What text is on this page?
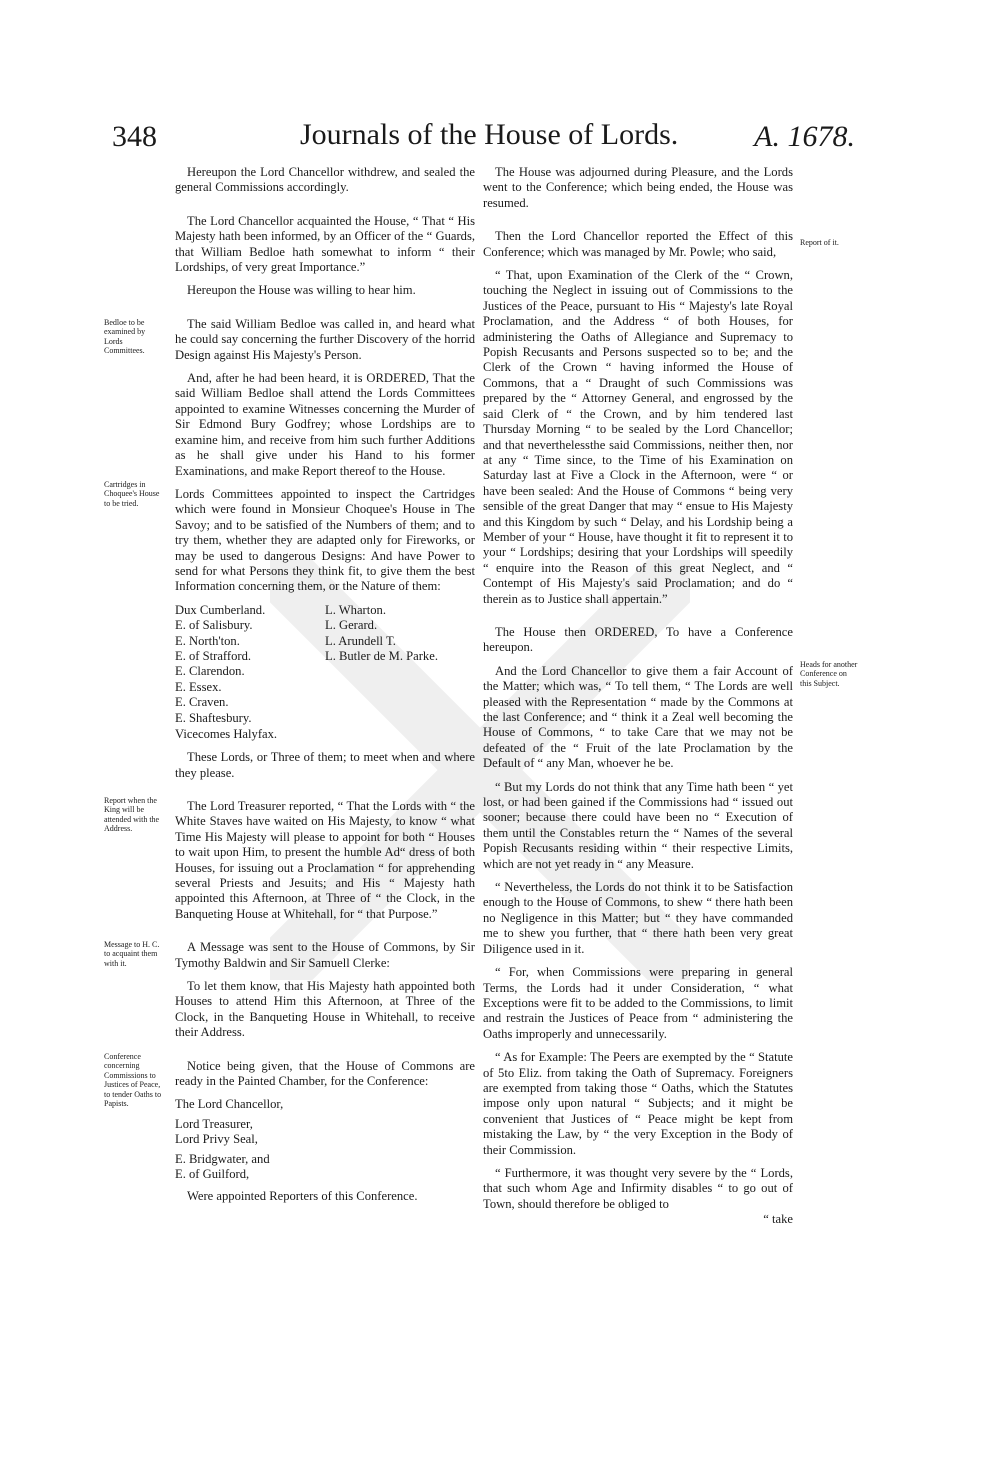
348	Journals of the House of Lords.	A. 1678.
Bedloe to be examined by Lords Committees.
Cartridges in Choquee's House to be tried.
Report when the King will be attended with the Address.
Message to H. C. to acquaint them with it.
Conference concerning Commissions to Justices of Peace, to tender Oaths to Papists.
Report of it.
Heads for another Conference on this Subject.

Hereupon the Lord Chancellor withdrew, and sealed the general Commissions accordingly.

The Lord Chancellor acquainted the House, “ That “ His Majesty hath been informed, by an Officer of the “ Guards, that William Bedloe hath somewhat to inform “ their Lordships, of very great Importance.”

Hereupon the House was willing to hear him.

The said William Bedloe was called in, and heard what he could say concerning the further Discovery of the horrid Design against His Majesty's Person.

And, after he had been heard, it is ORDERED, That the said William Bedloe shall attend the Lords Committees appointed to examine Witnesses concerning the Murder of Sir Edmond Bury Godfrey; whose Lordships are to examine him, and receive from him such further Additions as he shall give under his Hand to his former Examinations, and make Report thereof to the House.

Lords Committees appointed to inspect the Cartridges which were found in Monsieur Choquee's House in The Savoy; and to be satisfied of the Numbers of them; and to try them, whether they are adapted only for Fireworks, or may be used to dangerous Designs: And have Power to send for what Persons they think fit, to give them the best Information concerning them, or the Nature of them:

Dux Cumberland.
E. of Salisbury.
E. North'ton.
E. of Strafford.
E. Clarendon.
E. Essex.
E. Craven.
E. Shaftesbury.
L. Wharton.
L. Gerard.
L. Arundell T.
L. Butler de M. Parke.

Vicecomes Halyfax.

These Lords, or Three of them; to meet when and where they please.

The Lord Treasurer reported, “ That the Lords with “ the White Staves have waited on His Majesty, to know “ what Time His Majesty will please to appoint for both “ Houses to wait upon Him, to present the humble Ad“ dress of both Houses, for issuing out a Proclamation “ for apprehending several Priests and Jesuits; and His “ Majesty hath appointed this Afternoon, at Three of “ the Clock, in the Banqueting House at Whitehall, for “ that Purpose.”

A Message was sent to the House of Commons, by Sir Tymothy Baldwin and Sir Samuell Clerke:

To let them know, that His Majesty hath appointed both Houses to attend Him this Afternoon, at Three of the Clock, in the Banqueting House in Whitehall, to receive their Address.

Notice being given, that the House of Commons are ready in the Painted Chamber, for the Conference:

The Lord Chancellor,
Lord Treasurer,
Lord Privy Seal,
E. Bridgwater, and
E. of Guilford,

Were appointed Reporters of this Conference.

The House was adjourned during Pleasure, and the Lords went to the Conference; which being ended, the House was resumed.

Then the Lord Chancellor reported the Effect of this Conference; which was managed by Mr. Powle; who said,

“ That, upon Examination of the Clerk of the “ Crown, touching the Neglect in issuing out of Commissions to the Justices of the Peace, pursuant to His “ Majesty's late Royal Proclamation, and the Address “ of both Houses, for administering the Oaths of Allegiance and Supremacy to Popish Recusants and Persons suspected so to be; and the Clerk of the Crown “ having informed the House of Commons, that a “ Draught of such Commissions was prepared by the “ Attorney General, and engrossed by the said Clerk of “ the Crown, and by him tendered last Thursday Morning “ to be sealed by the Lord Chancellor; and that neverthelessthe said Commissions, neither then, nor at any “ Time since, to the Time of his Examination on Saturday last at Five a Clock in the Afternoon, were “ or have been sealed: And the House of Commons “ being very sensible of the great Danger that may “ ensue to His Majesty and this Kingdom by such “ Delay, and his Lordship being a Member of your “ House, have thought it fit to represent it to your “ Lordships; desiring that your Lordships will speedily “ enquire into the Reason of this great Neglect, and “ Contempt of His Majesty's said Proclamation; and do “ therein as to Justice shall appertain.”

The House then ORDERED, To have a Conference hereupon.

And the Lord Chancellor to give them a fair Account of the Matter; which was, “ To tell them, “ The Lords are well pleased with the Representation “ made by the Commons at the last Conference; and “ think it a Zeal well becoming the House of Commons, “ to take Care that we may not be defeated of the “ Fruit of the late Proclamation by the Default of “ any Man, whoever he be.

“ But my Lords do not think that any Time hath been “ yet lost, or had been gained if the Commissions had “ issued out sooner; because there could have been no “ Execution of them until the Constables return the “ Names of the several Popish Recusants residing within “ their respective Limits, which are not yet ready in “ any Measure.

“ Nevertheless, the Lords do not think it to be Satisfaction enough to the House of Commons, to shew “ there hath been no Negligence in this Matter; but “ they have commanded me to shew you further, that “ there hath been very great Diligence used in it.

“ For, when Commissions were preparing in general Terms, the Lords had it under Consideration, “ what Exceptions were fit to be added to the Commissions, to limit and restrain the Justices of Peace from “ administering the Oaths improperly and unnecessarily.

“ As for Example: The Peers are exempted by the “ Statute of 5to Eliz. from taking the Oath of Supremacy. Foreigners are exempted from taking those “ Oaths, which the Statutes impose only upon natural “ Subjects; and it might be convenient that Justices of “ Peace might be kept from mistaking the Law, by “ the very Exception in the Body of their Commission.

“ Furthermore, it was thought very severe by the “ Lords, that such whom Age and Infirmity disables “ to go out of Town, should therefore be obliged to

“ take
